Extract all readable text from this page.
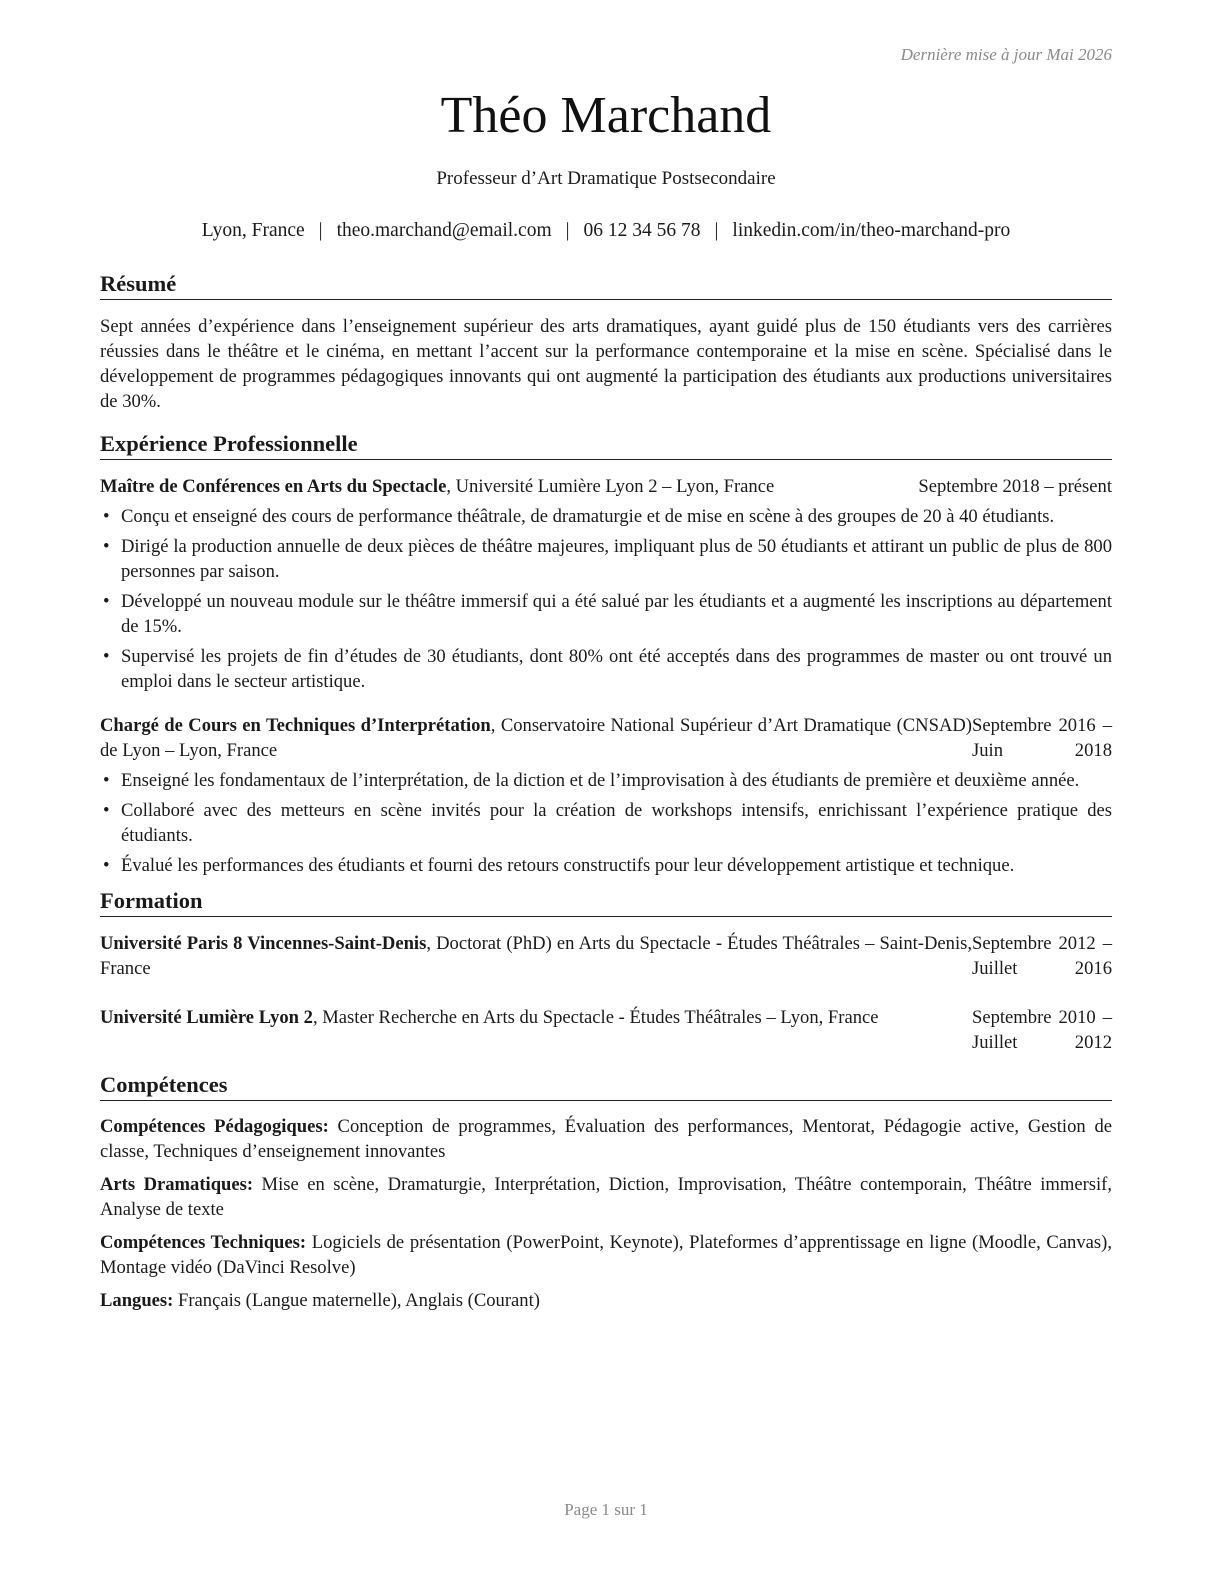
Dernière mise à jour Mai 2026
Théo Marchand
Professeur d’Art Dramatique Postsecondaire
Lyon, France | theo.marchand@email.com | 06 12 34 56 78 | linkedin.com/in/theo-marchand-pro
Résumé
Sept années d’expérience dans l’enseignement supérieur des arts dramatiques, ayant guidé plus de 150 étudiants vers des carrières réussies dans le théâtre et le cinéma, en mettant l’accent sur la performance contemporaine et la mise en scène. Spécialisé dans le développement de programmes pédagogiques innovants qui ont augmenté la participation des étudiants aux productions universitaires de 30%.
Expérience Professionnelle
Maître de Conférences en Arts du Spectacle, Université Lumière Lyon 2 – Lyon, France	Septembre 2018 – présent
• Conçu et enseigné des cours de performance théâtrale, de dramaturgie et de mise en scène à des groupes de 20 à 40 étudiants.
• Dirigé la production annuelle de deux pièces de théâtre majeures, impliquant plus de 50 étudiants et attirant un public de plus de 800 personnes par saison.
• Développé un nouveau module sur le théâtre immersif qui a été salué par les étudiants et a augmenté les inscriptions au département de 15%.
• Supervisé les projets de fin d’études de 30 étudiants, dont 80% ont été acceptés dans des programmes de master ou ont trouvé un emploi dans le secteur artistique.
Chargé de Cours en Techniques d’Interprétation, Conservatoire National Supérieur d’Art Dramatique (CNSAD) de Lyon – Lyon, France
Septembre 2016 – Juin 2018
• Enseigné les fondamentaux de l’interprétation, de la diction et de l’improvisation à des étudiants de première et deuxième année.
• Collaboré avec des metteurs en scène invités pour la création de workshops intensifs, enrichissant l’expérience pratique des étudiants.
• Évalué les performances des étudiants et fourni des retours constructifs pour leur développement artistique et technique.
Formation
Université Paris 8 Vincennes-Saint-Denis, Doctorat (PhD) en Arts du Spectacle - Études Théâtrales – Saint-Denis, France
Septembre 2012 – Juillet 2016
Université Lumière Lyon 2, Master Recherche en Arts du Spectacle - Études Théâtrales – Lyon, France	Septembre 2010 – Juillet 2012
Compétences
Compétences Pédagogiques: Conception de programmes, Évaluation des performances, Mentorat, Pédagogie active, Gestion de classe, Techniques d’enseignement innovantes
Arts Dramatiques: Mise en scène, Dramaturgie, Interprétation, Diction, Improvisation, Théâtre contemporain, Théâtre immersif, Analyse de texte
Compétences Techniques: Logiciels de présentation (PowerPoint, Keynote), Plateformes d’apprentissage en ligne (Moodle, Canvas), Montage vidéo (DaVinci Resolve)
Langues: Français (Langue maternelle), Anglais (Courant)
Page 1 sur 1
